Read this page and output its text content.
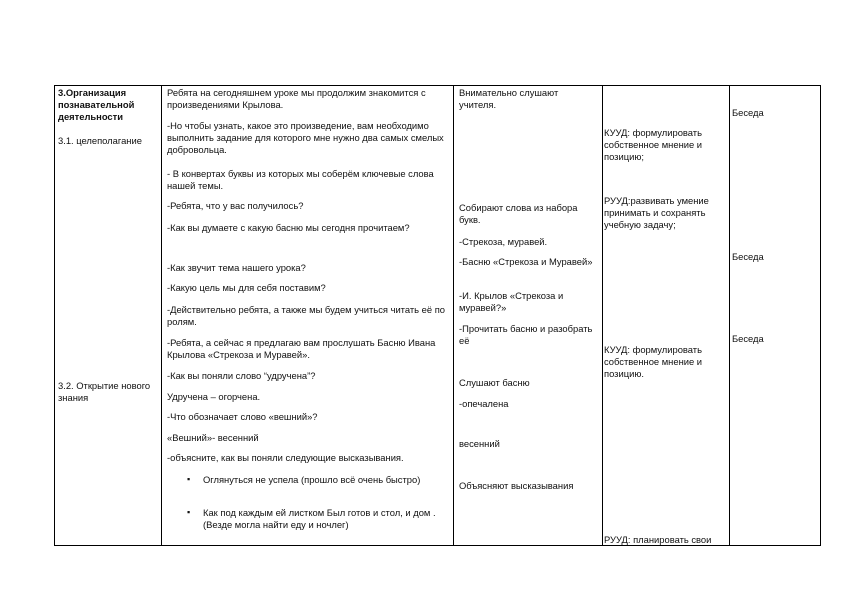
3.Организация познавательной деятельности

3.1. целеполагание

3.2. Открытие нового знания

Ребята на сегодняшнем уроке мы продолжим знакомится с произведениями Крылова.

-Но чтобы узнать, какое это произведение, вам необходимо выполнить задание для которого мне нужно два самых смелых добровольца.

- В конвертах буквы из которых мы соберём ключевые слова нашей темы.

-Ребята, что у вас получилось?

-Как вы думаете с какую басню мы сегодня прочитаем?

-Как звучит тема нашего урока?

-Какую цель мы для себя поставим?

-Действительно ребята, а также мы будем учиться читать её по ролям.

-Ребята, а сейчас я предлагаю вам прослушать Басню Ивана Крылова «Стрекоза и Муравей».

-Как вы поняли слово “удручена”?

Удручена – огорчена.

-Что обозначает слово «вешний»?

«Вешний»- весенний

-объясните, как вы поняли следующие высказывания.

▪ Оглянуться не успела (прошло всё очень быстро)

▪ Как под каждым ей листком Был готов и стол, и дом .(Везде могла найти еду и ночлег)

Внимательно слушают учителя.

Собирают слова из набора букв.

-Стрекоза, муравей.

-Басню «Стрекоза и Муравей»

-И. Крылов «Стрекоза и муравей?»

-Прочитать басню и разобрать её

Слушают басню

-опечалена

весенний

Объясняют высказывания

КУУД: формулировать собственное мнение и позицию;

РУУД:развивать умение принимать и сохранять учебную задачу;

КУУД: формулировать собственное мнение и позицию.

РУУД: планировать свои

Беседа

Беседа

Беседа
